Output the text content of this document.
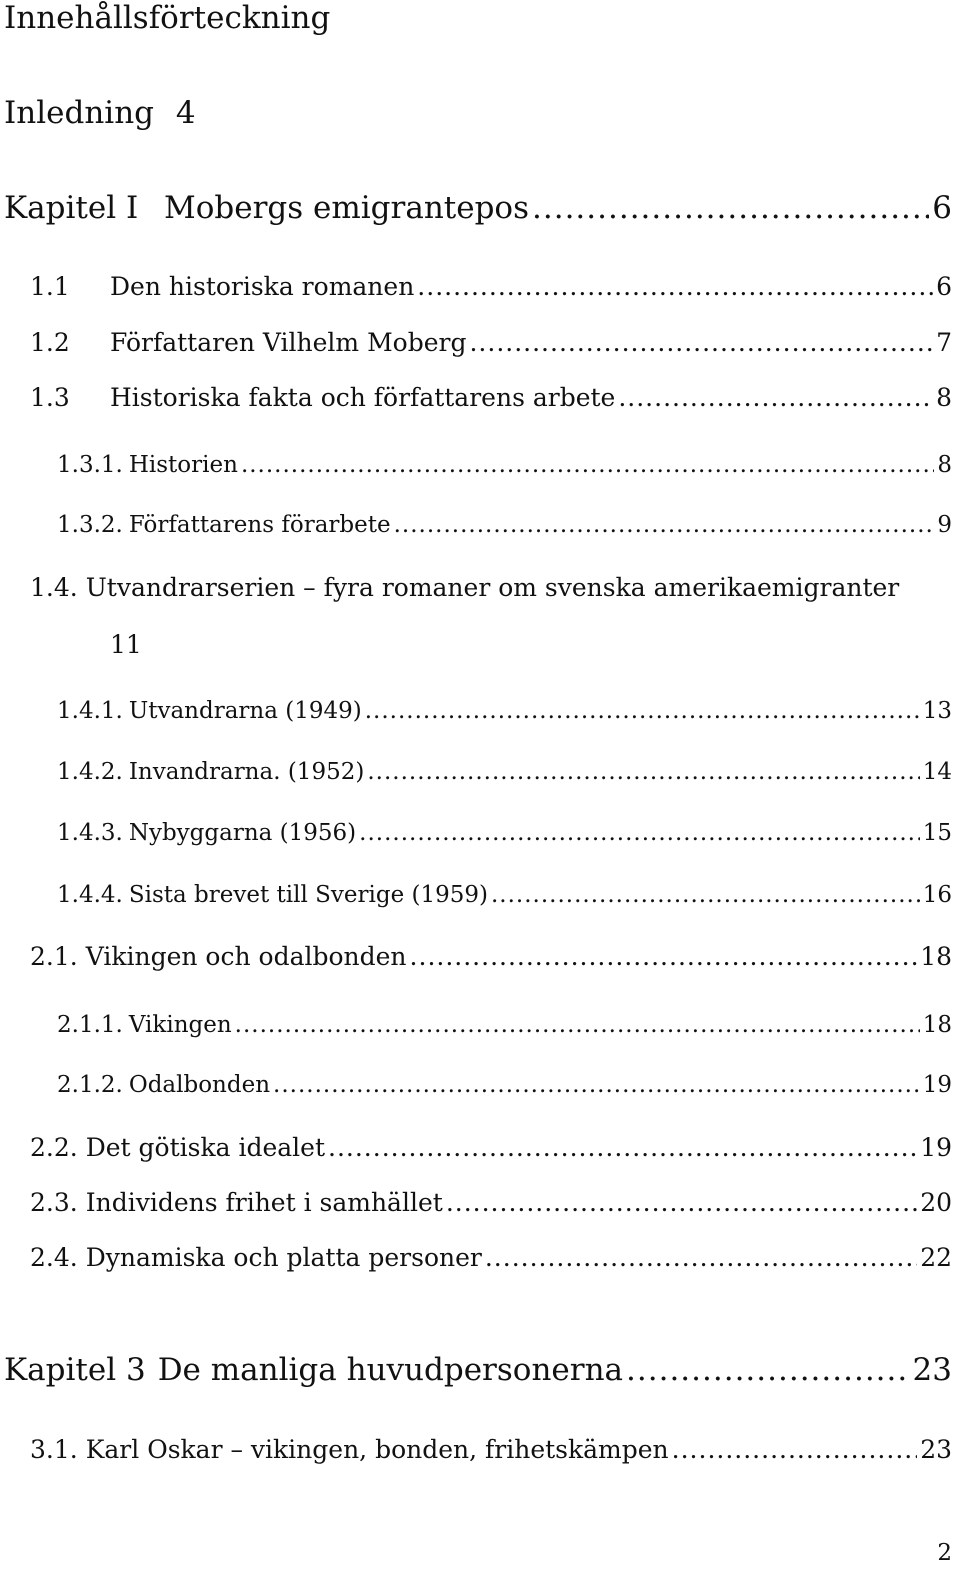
Innehållsförteckning
Inledning 4
Kapitel I Mobergs emigrantepos .....	6
1.1	Den historiska romanen .....	6
1.2	Författaren Vilhelm Moberg .....	7
1.3	Historiska fakta och författarens arbete .....	8
1.3.1. Historien .....	8
1.3.2. Författarens förarbete .....	9
1.4. Utvandrarserien – fyra romaner om svenska amerikaemigranter
11
1.4.1. Utvandrarna (1949) .....	13
1.4.2. Invandrarna. (1952) .....	14
1.4.3. Nybyggarna (1956) .....	15
1.4.4. Sista brevet till Sverige (1959) .....	16
2.1. Vikingen och odalbonden .....	18
2.1.1. Vikingen .....	18
2.1.2. Odalbonden .....	19
2.2. Det götiska idealet .....	19
2.3. Individens frihet i samhället .....	20
2.4. Dynamiska och platta personer .....	22
Kapitel 3 De manliga huvudpersonerna .....	23
3.1. Karl Oskar – vikingen, bonden, frihetskämpen .....	23
2
